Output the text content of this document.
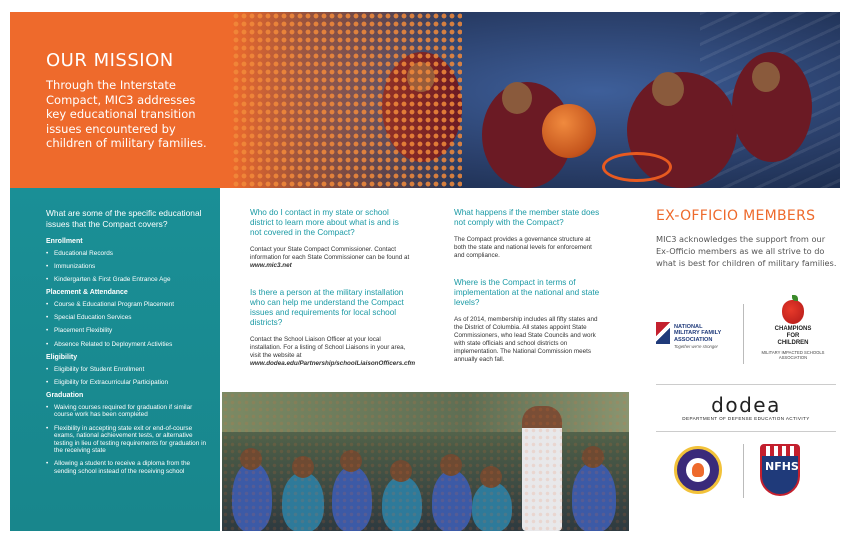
OUR MISSION

Through the Interstate Compact, MIC3 addresses key educational transition issues encountered by children of military families.

What are some of the specific educational issues that the Compact covers?
Enrollment
• Educational Records
• Immunizations
• Kindergarten & First Grade Entrance Age
Placement & Attendance
• Course & Educational Program Placement
• Special Education Services
• Placement Flexibility
• Absence Related to Deployment Activities
Eligibility
• Eligibility for Student Enrollment
• Eligibility for Extracurricular Participation
Graduation
• Waiving courses required for graduation if similar course work has been completed
• Flexibility in accepting state exit or end-of-course exams, national achievement tests, or alternative testing in lieu of testing requirements for graduation in the receiving state
• Allowing a student to receive a diploma from the sending school instead of the receiving school
Who do I contact in my state or school district to learn more about what is and is not covered in the Compact?

Contact your State Compact Commissioner. Contact information for each State Commissioner can be found at www.mic3.net

Is there a person at the military installation who can help me understand the Compact issues and requirements for local school districts?

Contact the School Liaison Officer at your local installation. For a listing of School Liaisons in your area, visit the website at www.dodea.edu/Partnership/schoolLiaisonOfficers.cfm

What happens if the member state does not comply with the Compact?

The Compact provides a governance structure at both the state and national levels for enforcement and compliance.

Where is the Compact in terms of implementation at the national and state levels?

As of 2014, membership includes all fifty states and the District of Columbia. All states appoint State Commissioners, who lead State Councils and work with state officials and school districts on implementation. The National Commission meets annually each fall.

EX-OFFICIO MEMBERS

MIC3 acknowledges the support from our Ex-Officio members as we all strive to do what is best for children of military families.

NATIONAL
MILITARY FAMILY
ASSOCIATION
Together we're stronger
CHAMPIONS
FOR
CHILDREN
MILITARY IMPACTED SCHOOLS ASSOCIATION
dodea
DEPARTMENT OF DEFENSE EDUCATION ACTIVITY
NFHS
